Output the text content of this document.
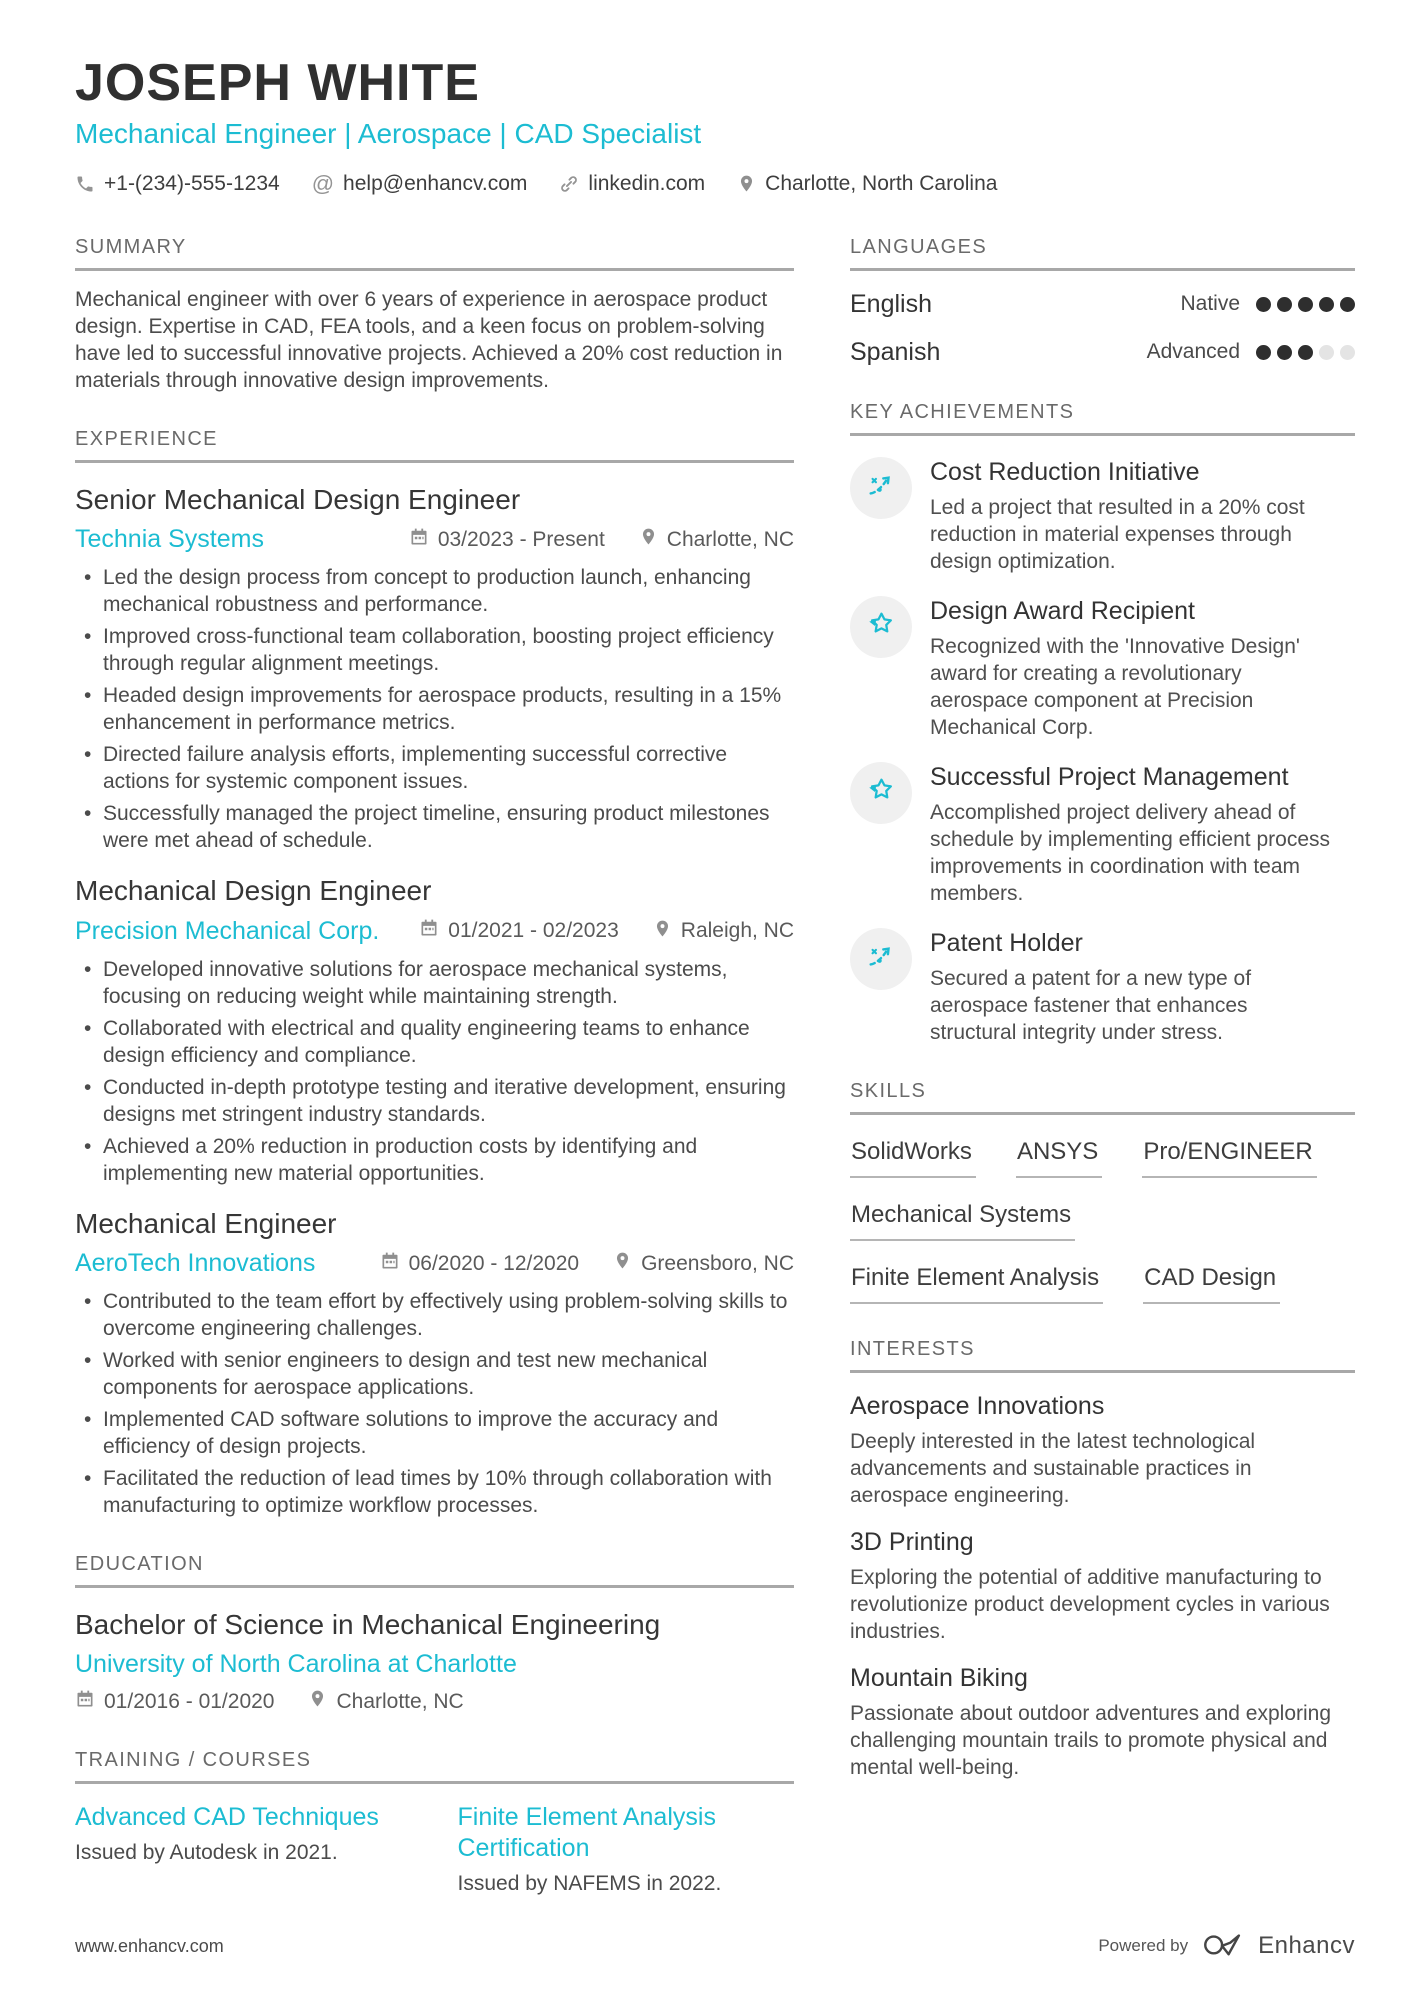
JOSEPH WHITE
Mechanical Engineer | Aerospace | CAD Specialist
+1-(234)-555-1234 @ help@enhancv.com	linkedin.com	Charlotte, North Carolina
SUMMARY
Mechanical engineer with over 6 years of experience in aerospace product design. Expertise in CAD, FEA tools, and a keen focus on problem-solving have led to successful innovative projects. Achieved a 20% cost reduction in materials through innovative design improvements.
EXPERIENCE
Senior Mechanical Design Engineer
Technia Systems	03/2023 - Present	Charlotte, NC
• Led the design process from concept to production launch, enhancing mechanical robustness and performance.
• Improved cross-functional team collaboration, boosting project efficiency through regular alignment meetings.
• Headed design improvements for aerospace products, resulting in a 15% enhancement in performance metrics.
• Directed failure analysis efforts, implementing successful corrective actions for systemic component issues.
• Successfully managed the project timeline, ensuring product milestones were met ahead of schedule.
Mechanical Design Engineer
Precision Mechanical Corp.	01/2021 - 02/2023	Raleigh, NC
• Developed innovative solutions for aerospace mechanical systems, focusing on reducing weight while maintaining strength.
• Collaborated with electrical and quality engineering teams to enhance design efficiency and compliance.
• Conducted in-depth prototype testing and iterative development, ensuring designs met stringent industry standards.
• Achieved a 20% reduction in production costs by identifying and implementing new material opportunities.
Mechanical Engineer
AeroTech Innovations	06/2020 - 12/2020	Greensboro, NC
• Contributed to the team effort by effectively using problem-solving skills to overcome engineering challenges.
• Worked with senior engineers to design and test new mechanical components for aerospace applications.
• Implemented CAD software solutions to improve the accuracy and efficiency of design projects.
• Facilitated the reduction of lead times by 10% through collaboration with manufacturing to optimize workflow processes.
EDUCATION
Bachelor of Science in Mechanical Engineering
University of North Carolina at Charlotte
01/2016 - 01/2020	Charlotte, NC
TRAINING / COURSES
Advanced CAD Techniques
Issued by Autodesk in 2021.
Finite Element Analysis Certification
Issued by NAFEMS in 2022.
LANGUAGES
English	Native
Spanish	Advanced
KEY ACHIEVEMENTS
Cost Reduction Initiative
Led a project that resulted in a 20% cost reduction in material expenses through design optimization.
Design Award Recipient
Recognized with the 'Innovative Design' award for creating a revolutionary aerospace component at Precision Mechanical Corp.
Successful Project Management
Accomplished project delivery ahead of schedule by implementing efficient process improvements in coordination with team members.
Patent Holder
Secured a patent for a new type of aerospace fastener that enhances structural integrity under stress.
SKILLS
SolidWorks ANSYS Pro/ENGINEER
Mechanical Systems
Finite Element Analysis CAD Design
INTERESTS
Aerospace Innovations
Deeply interested in the latest technological advancements and sustainable practices in aerospace engineering.
3D Printing
Exploring the potential of additive manufacturing to revolutionize product development cycles in various industries.
Mountain Biking
Passionate about outdoor adventures and exploring challenging mountain trails to promote physical and mental well-being.
www.enhancv.com	Powered by	Enhancv
